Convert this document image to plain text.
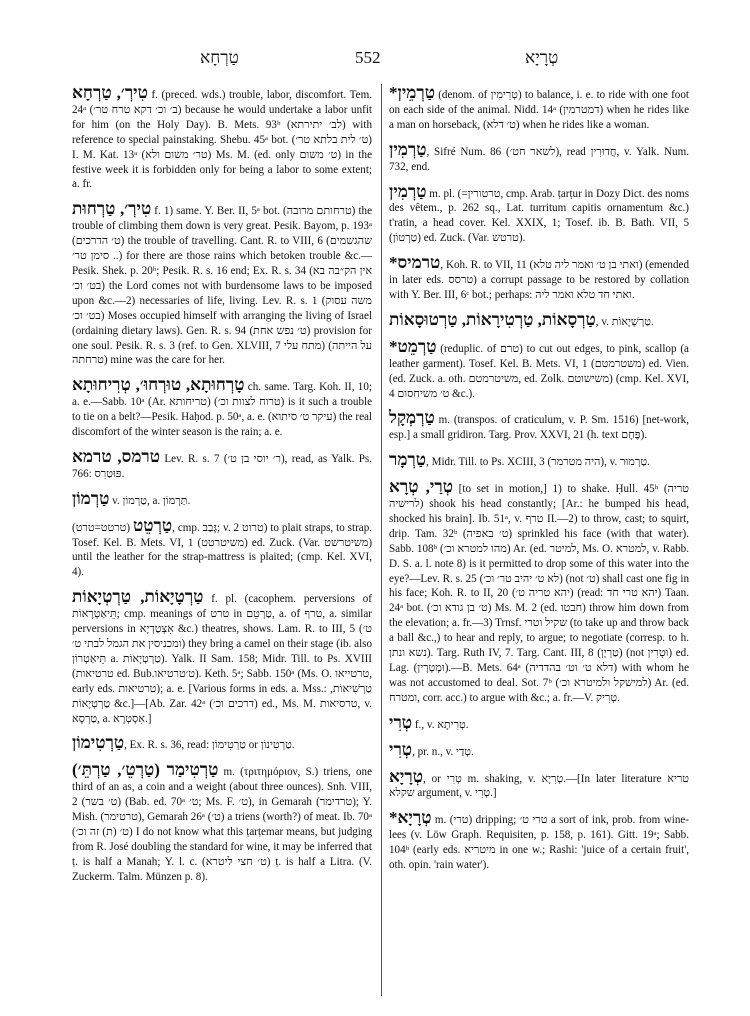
טַרְחָא	552	טְרָיָא

טִירְ׳, טַרְחָא f. (preced. wds.) trouble, labor, discomfort. Tem. 24ᵃ (ב׳ וכ׳ דקא טרח טר׳) because he would undertake a labor unfit for him (on the Holy Day). B. Mets. 93ᵇ (לב׳ יתירתא) with reference to special painstaking. Shebu. 45ᵃ bot. (ט׳ לית בלתא טר׳) I. M. Kat. 13ᵃ (טר׳ משום ולא) Ms. M. (ed. only ט׳ משום) in the festive week it is forbidden only for being a labor to some extent; a. fr.

טִירְ׳, טַרְחוּת f. 1) same. Y. Ber. II, 5ᵃ bot. (טרחותם מרובה) the trouble of climbing them down is very great. Pesik. Bayom, p. 193ᵃ (ט׳ הדרכים) the trouble of travelling. Cant. R. to VIII, 6 (שהגשמים .. סימן טר׳) for there are those rains which betoken trouble &c.—Pesik. Shek. p. 20ᵇ; Pesik. R. s. 16 end; Ex. R. s. 34 (אין הק״בה בא בט׳ וכ׳) the Lord comes not with burdensome laws to be imposed upon &c.—2) necessaries of life, living. Lev. R. s. 1 (משה עסוק בט׳ וכ׳) Moses occupied himself with arranging the living of Israel (ordaining dietary laws). Gen. R. s. 94 (ט׳ נפש אחת) provision for one soul. Pesik. R. s. 3 (ref. to Gen. XLVIII, 7 מתח עלי) (על הייתה טרחתה) mine was the care for her.

טָרְחוּתָא, טוּרְחוּ׳, טְרִיחוּתָא ch. same. Targ. Koh. II, 10; a. e.—Sabb. 10ᵃ (Ar. טריחותא) (טרוח לצוות וכ׳) is it such a trouble to tie on a belt?—Pesik. Haḥod. p. 50ᵃ, a. e. (עיקר ט׳ סיתוא) the real discomfort of the winter season is the rain; a. e.

טרמס, טרמא Lev. R. s. 7 (ר׳ יוסי בן ט׳), read, as Yalk. Ps. 766: פּוּטַרִס.

טַרְמוֹן v. טַרְמוֹן, a. תַּרְמוֹן.

טַרְטֵט (טרטט=טרט), cmp. גָּבַב; v. טרוט 2) to plait straps, to strap. Tosef. Kel. B. Mets. VI, 1 (משיטרטט) ed. Zuck. (Var. משיטרשט) until the leather for the strap-mattress is plaited; (cmp. Kel. XVI, 4).

טַרְטָיָאוֹת, טַרְטְיָאוֹת f. pl. (cacophem. perversions of תֵּיאַטְרָאוֹת; cmp. meanings of טרט in טַרְטֵם, a. of טרף, a. similar perversions in אִצְטַדְיָא &c.) theatres, shows. Lam. R. to III, 5 (ט׳ ומכניסין את הגמל לבתי ט׳) they bring a camel on their stage (ib. also תֵּיאַטְרוֹן a. טַרְטְיָאוֹת). Yalk. II Sam. 158; Midr. Till. to Ps. XVIII (טרטיאות ed. Bub.ט׳טרטיאו). Keth. 5ᵃ; Sabb. 150ᵃ (Ms. O. טרטייאו, early eds. טרטיאות); a. e. [Various forms in eds. a. Mss.: טַרְשִׁיאוֹת, טַרְטְיָאוֹת &c.]—[Ab. Zar. 42ᵃ (דרכים וכ׳) ed., Ms. M. טרסיאות, v. טַרְסָא, a. אִסְטְרָא.]

טַרְטִימוֹן, Ex. R. s. 36, read: טַרְטִימוֹן or טַרְטִינוֹן.

טַרְטִימַר (טַרְטֵ׳, טַרְתֵּ׳) m. (τριτημόριον, S.) triens, one third of an as, a coin and a weight (about three ounces). Snh. VIII, 2 (ט׳ בשר) (Bab. ed. 70ᵃ ט׳; Ms. F. ט׳), in Gemarah (טרדימר); Y. Mish. (טרטימר), Gemarah 26ᵃ (ט׳) a triens (worth?) of meat. Ib. 70ᵃ (ט׳ (ת) זה וכ׳) I do not know what this ṭarṭemar means, but judging from R. José doubling the standard for wine, it may be inferred that ṭ. is half a Manah; Y. l. c. (ט׳ חצי ליטרא) ṭ. is half a Litra. (V. Zuckerm. Talm. Münzen p. 8).

*טַרְמֵין (denom. of טְרִימִין) to balance, i. e. to ride with one foot on each side of the animal. Nidd. 14ᵃ (דמטרמין) when he rides like a man on horseback, (ט׳ דלא) when he rides like a woman.

טַרְמִין, Sifré Num. 86 (לשאר חט׳), read חֲדוּרִין, v. Yalk. Num. 732, end.

טַרְמִין m. pl. (=טרטורין, cmp. Arab. ṭarṭur in Dozy Dict. des noms des vêtem., p. 262 sq., Lat. turritum capitis ornamentum &c.) t'ratin, a head cover. Kel. XXIX, 1; Tosef. ib. B. Bath. VII, 5 (טַרְטוֹן) ed. Zuck. (Var. טרטש).

*טרמיס, Koh. R. to VII, 11 (ואתי בן ט׳ ואמר ליה טלא) (emended in later eds. טרסס) a corrupt passage to be restored by collation with Y. Ber. III, 6ᶜ bot.; perhaps: ואתי חד טלא ואמר ליה.

טַרְסָאוֹת, טַרְטִירָאוֹת, טַרְטוּסָאוֹת, v. טַרְשְׁיָאוֹת.

*טַרְמֵט (reduplic. of טרם) to cut out edges, to pink, scallop (a leather garment). Tosef. Kel. B. Mets. VI, 1 (משטרמטם) ed. Vien. (ed. Zuck. a. oth. משיטרמטם, ed. Zolk. משישוטם) (cmp. Kel. XVI, 4 ט׳ משיחסום &c.).

טַרְמְקָל m. (transpos. of craticulum, v. P. Sm. 1516) [net-work, esp.] a small gridiron. Targ. Prov. XXVI, 21 (h. text פֶּחָם).

טַרְמָר, Midr. Till. to Ps. XCIII, 3 (היה מטרמר), v. טַרְמוּר.

טְרַי, טְרָא [to set in motion,] 1) to shake. Ḥull. 45ᵇ (טריה לרישיה) shook his head constantly; [Ar.: he bumped his head, shocked his brain]. Ib. 51ᵃ, v. טרף II.—2) to throw, cast; to squirt, drip. Tam. 32ᵇ (ט׳ באפיה) sprinkled his face (with that water). Sabb. 108ᵇ (מהו למטרא וכ׳) Ar. (ed. למיטר, Ms. O. למטרא, v. Rabb. D. S. a. l. note 8) is it permitted to drop some of this water into the eye?—Lev. R. s. 25 (לא ט׳ יהיב טר׳ וכ׳) (not ט׳) shall cast one fig in his face; Koh. R. to II, 20 (יהא טריה ט׳) (read: יהא טרי חד) Taan. 24ᵃ bot. (ט׳ בן גודא וכ׳) Ms. M. 2 (ed. חבטו) throw him down from the elevation; a. fr.—3) Trnsf. שקיל וטרי (to take up and throw back a ball &c.,) to hear and reply, to argue; to negotiate (corresp. to h. נשא ונתן). Targ. Ruth IV, 7. Targ. Cant. III, 8 (טַרְיָן) (not וּטְרִין) ed. Lag. (וּמָטְרָין).—B. Mets. 64ᵃ (דלא ט׳ וט׳ בהדדיה) with whom he was not accustomed to deal. Sot. 7ᵇ (למישקל ולמיטרא וכ׳) Ar. (ed. ומטרח, corr. acc.) to argue with &c.; a. fr.—V. טְרִיק.

טְרִי f., v. טְרִיתָא.

טְרִי, pr. n., v. טְדַי.

טְרָיָא, or טְרִי m. shaking, v. טְרִיָא.—[In later literature טריא שקלא argument, v. טְרִי.]

*טְרָיָא m. (טרי) dripping; טרי ט׳ a sort of ink, prob. from wine-lees (v. Löw Graph. Requisiten, p. 158, p. 161). Gitt. 19ᵃ; Sabb. 104ᵇ (early eds. מיטריא in one w.; Rashi: 'juice of a certain fruit', oth. opin. 'rain water').
